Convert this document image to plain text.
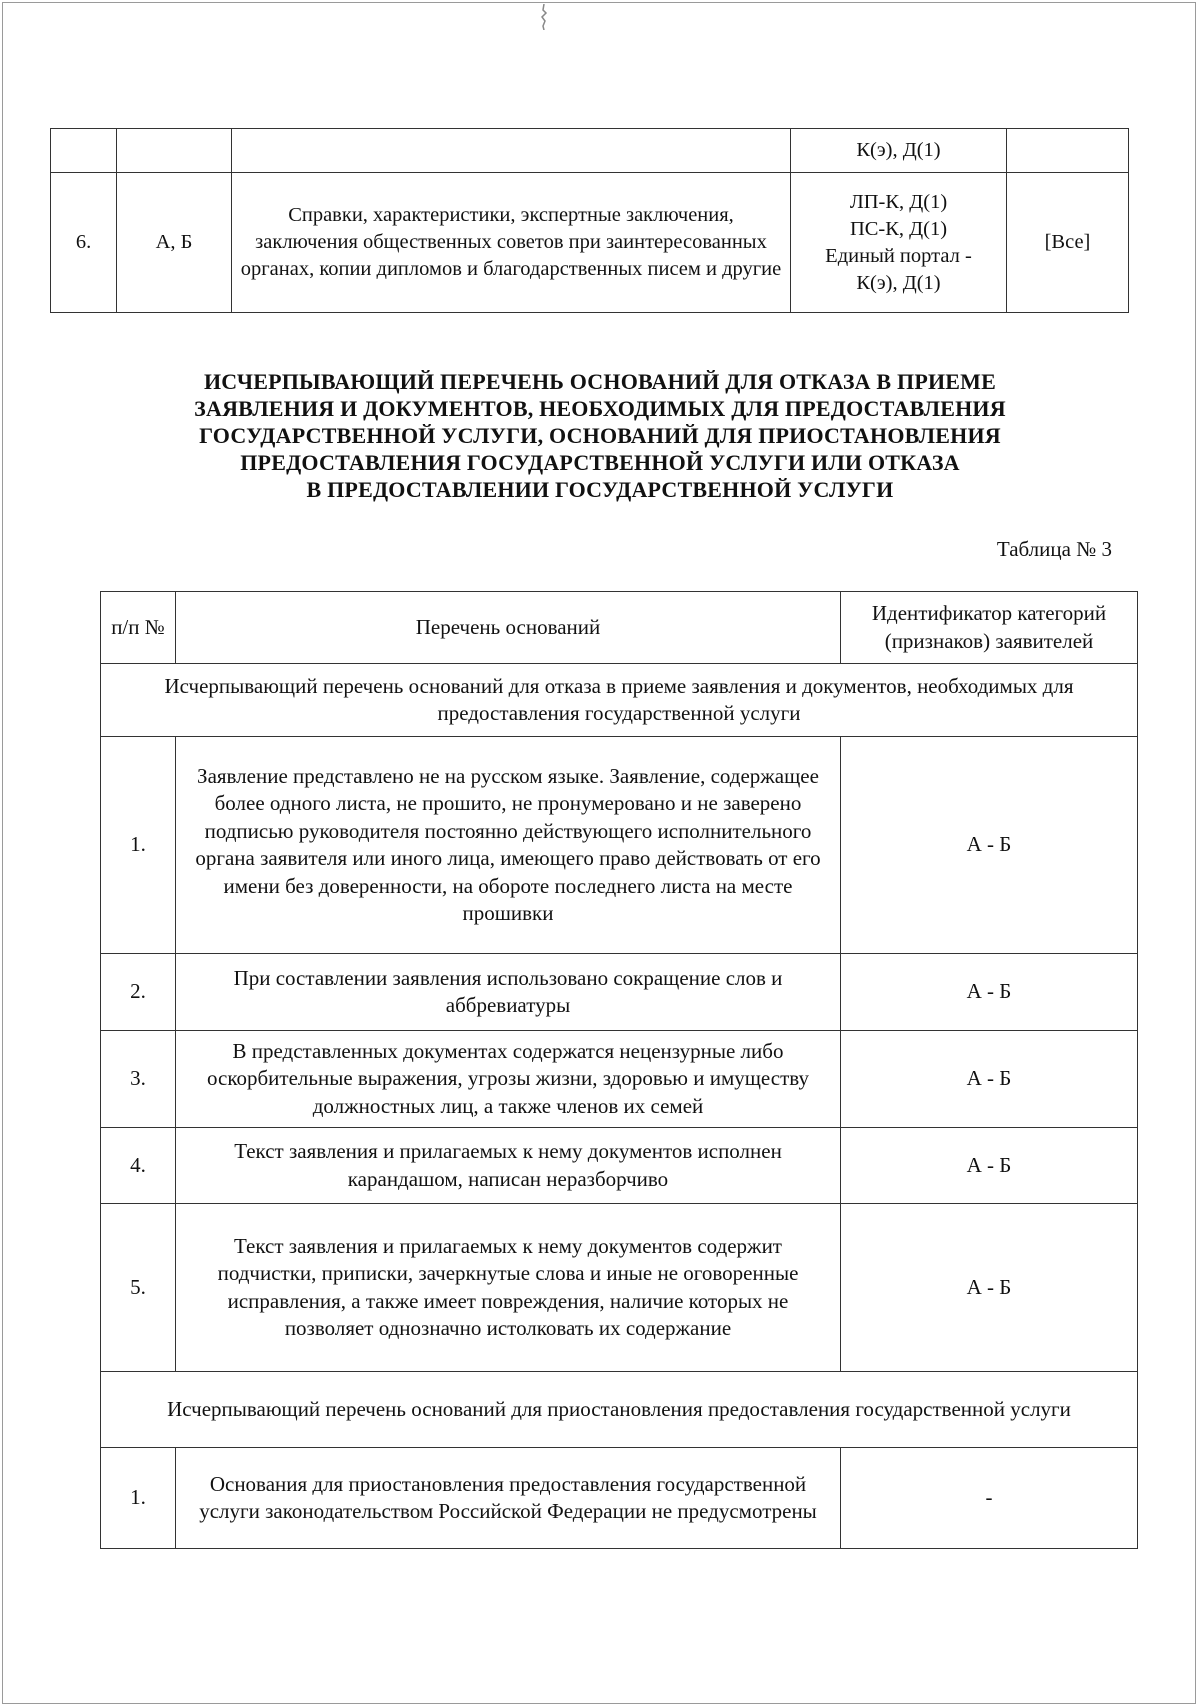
			К(э), Д(1)	
6.	А, Б	Справки, характеристики, экспертные заключения, заключения общественных советов при заинтересованных органах, копии дипломов и благодарственных писем и другие	ЛП-К, Д(1)
ПС-К, Д(1)
Единый портал -
К(э), Д(1)	[Все]
ИСЧЕРПЫВАЮЩИЙ ПЕРЕЧЕНЬ ОСНОВАНИЙ ДЛЯ ОТКАЗА В ПРИЕМЕ
ЗАЯВЛЕНИЯ И ДОКУМЕНТОВ, НЕОБХОДИМЫХ ДЛЯ ПРЕДОСТАВЛЕНИЯ
ГОСУДАРСТВЕННОЙ УСЛУГИ, ОСНОВАНИЙ ДЛЯ ПРИОСТАНОВЛЕНИЯ
ПРЕДОСТАВЛЕНИЯ ГОСУДАРСТВЕННОЙ УСЛУГИ ИЛИ ОТКАЗА
В ПРЕДОСТАВЛЕНИИ ГОСУДАРСТВЕННОЙ УСЛУГИ
Таблица № 3
п/п №	Перечень оснований	Идентификатор категорий (признаков) заявителей
Исчерпывающий перечень оснований для отказа в приеме заявления и документов, необходимых для предоставления государственной услуги		
1.	Заявление представлено не на русском языке. Заявление, содержащее более одного листа, не прошито, не пронумеровано и не заверено подписью руководителя постоянно действующего исполнительного органа заявителя или иного лица, имеющего право действовать от его имени без доверенности, на обороте последнего листа на месте прошивки	А - Б
2.	При составлении заявления использовано сокращение слов и аббревиатуры	А - Б
3.	В представленных документах содержатся нецензурные либо оскорбительные выражения, угрозы жизни, здоровью и имуществу должностных лиц, а также членов их семей	А - Б
4.	Текст заявления и прилагаемых к нему документов исполнен карандашом, написан неразборчиво	А - Б
5.	Текст заявления и прилагаемых к нему документов содержит подчистки, приписки, зачеркнутые слова и иные не оговоренные исправления, а также имеет повреждения, наличие которых не позволяет однозначно истолковать их содержание	А - Б
Исчерпывающий перечень оснований для приостановления предоставления государственной услуги		
1.	Основания для приостановления предоставления государственной услуги законодательством Российской Федерации не предусмотрены	-
